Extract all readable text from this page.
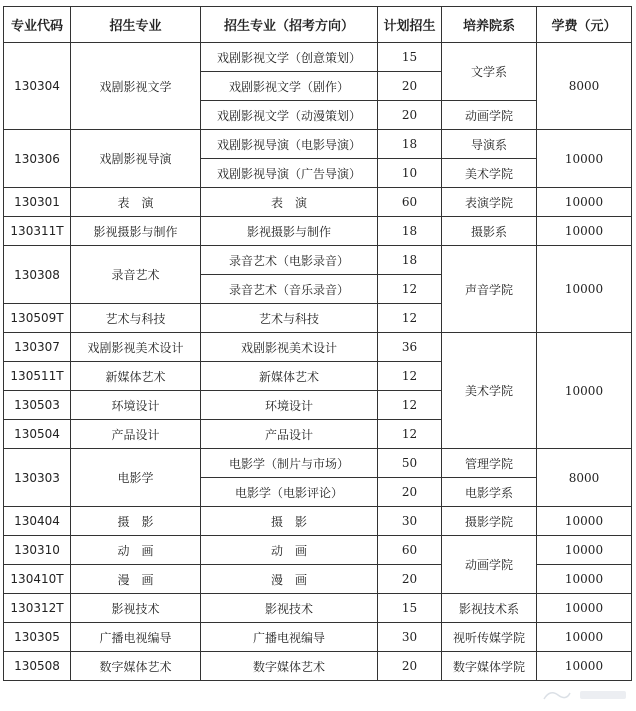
专业代码	招生专业	招生专业（招考方向）	计划招生	培养院系	学费（元）
130304	戏剧影视文学	戏剧影视文学（创意策划）	15	文学系	8000
		戏剧影视文学（剧作）	20		
		戏剧影视文学（动漫策划）	20	动画学院	
130306	戏剧影视导演	戏剧影视导演（电影导演）	18	导演系	10000
		戏剧影视导演（广告导演）	10	美术学院	
130301	表　演	表　演	60	表演学院	10000
130311T	影视摄影与制作	影视摄影与制作	18	摄影系	10000
130308	录音艺术	录音艺术（电影录音）	18	声音学院	10000
		录音艺术（音乐录音）	12		
130509T	艺术与科技	艺术与科技	12		
130307	戏剧影视美术设计	戏剧影视美术设计	36	美术学院	10000
130511T	新媒体艺术	新媒体艺术	12		
130503	环境设计	环境设计	12		
130504	产品设计	产品设计	12		
130303	电影学	电影学（制片与市场）	50	管理学院	8000
		电影学（电影评论）	20	电影学系	
130404	摄　影	摄　影	30	摄影学院	10000
130310	动　画	动　画	60	动画学院	10000
130410T	漫　画	漫　画	20		10000
130312T	影视技术	影视技术	15	影视技术系	10000
130305	广播电视编导	广播电视编导	30	视听传媒学院	10000
130508	数字媒体艺术	数字媒体艺术	20	数字媒体学院	10000
